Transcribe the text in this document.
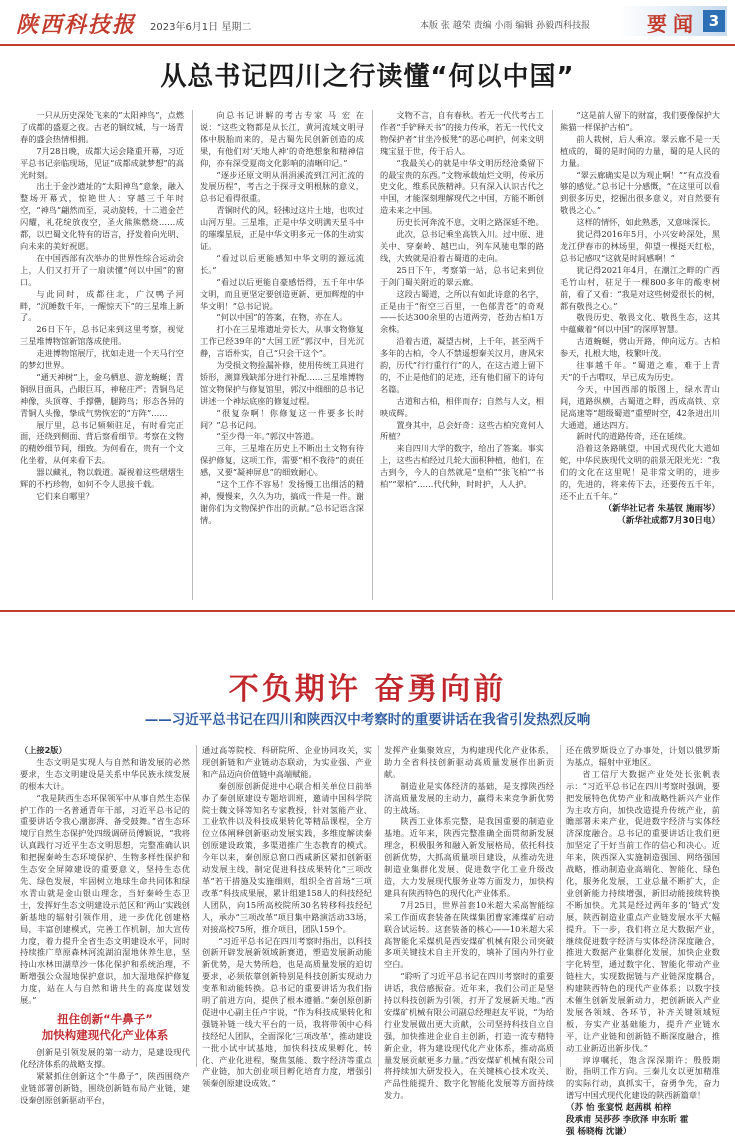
陕西科技报 2023年6月1日 星期二	本版 张 越荣 责编 小雨 编辑 孙毅西科技报	要闻 3
从总书记四川之行读懂“何以中国”

一只从历史深处飞来的“太阳神鸟”，点燃了成都的盛夏之夜。古老的铜纹城，与一场青春的盛会热情相拥。

7月28日晚，成都大运会隆重开幕，习近平总书记亲临现场，见证“成都成就梦想”的高光时刻。

出土于金沙遗址的“太阳神鸟”意象，融入整场开幕式，惊艳世人：穿越三千年时空，“神鸟”翩然而至，灵动旋转，十二道金芒闪耀，礼花绽放夜空，圣火熊熊燃烧……成都，以巴蜀文化特有的语言，抒发着向光明、向未来的美好祝愿。

在中国西部有次举办的世界性综合运动会上，人们又打开了一扇读懂“何以中国”的窗口。

与此同时，成都往北，广汉鸭子河畔，“沉睡数千年，一醒惊天下”的三星堆上新了。

26日下午，总书记来到这里考察，视觉三星堆博物馆新馆落成使用。

走进博物馆展厅，扰如走进一个天马行空的梦幻世界。

“通天神树”上，金乌栖息、游龙蜿蜒；青铜纵目面具，凸眼巨耳，神秘庄严；青铜鸟足神像，头顶尊、手撑罍，腿跨鸟；形态各异的青铜人头像，挚成气势恢宏的“方阵”……

展厅里，总书记频频驻足，有时看完正面，还绕到侧面、背后察看细节。考察在文物的精妙细节间，细致。为何看在，贵有一个文化坐着，从何来看下去。

器以藏礼，物以载道。凝视着这些熠熠生辉的不朽珍物，如何不令人思接千载。

它们来自哪里？

向总书记讲解的考古专家 马 宏 在说：“这些文物都是从长江，黄河流域文明寻体中脱胎而来的，是古蜀先民创新创造的成果，有他们对‘天地人神’的奇绝想象和精神信仰，亦有深受夏商文化影响的清晰印记。”

“逐步还原文明从涓涓溪流到江河汇流的发展历程”，考古之于探寻文明根脉的意义，总书记看得很重。

青铜时代的风，轻拂过这片土地，也吹过山河万里。三星堆，正是中华文明满天星斗中的璀璨星辰，正是中华文明多元一体的生动实证。

“看过以后更能感知中华文明的源远流长。”

“看过以后更能自豪感悟得，五千年中华文明，而且更坚定要创造更新、更加辉煌的中华文明！”总书记说。

“何以中国”的答案，在物，亦在人。

打小在三星堆遗址旁长大，从事文物修复工作已经39年的“大国工匠”郭汉中，目光沉静，言语朴实，自己“只会干这个”。

为受损文物捡漏补修，使用传统工具进行矫形，测算残缺部分进行补配……三星堆博物馆文物保护与修复馆里，郭汉中细细的总书记讲述一个神坛底座的修复过程。

“很复杂啊！你修复这一件要多长时间？”总书记问。

“至少得一年。”郭汉中答道。

三年，三星堆在历史上不断出土文物有待保护修复，这项工作，需要“相不我待”的责任感，又要“凝神屏息”的细致耐心。

“这个工作不容易！发扬慢工出细活的精神，慢慢来，久久为功，搞成一件是一件。谢谢你们为文物保护作出的贡献。”总书记语含深情。

文物不言，自有春秋。若无一代代考古工作者“手铲释天书”的接力传承，若无一代代文物保护者“甘坐冷板凳”的恶心呵护，何来文明瑰宝显于世，传于后人。

“我最关心的就是中华文明历经沧桑留下的最宝贵的东西。”文物承载灿烂文明，传承历史文化，维系民族精神。只有深入认识古代之中国，才能深刻理解现代之中国，方能不断创造未来之中国。

历史长河奔流不息，文明之路深延不绝。

此次，总书记乘坐高铁入川。过中原、进关中、穿秦岭、越巴山，列车风驰电掣的路线，大致就是沿着古蜀道的走向。

25日下午，考察第一站，总书记来到位于剑门蜀关附近的翠云廊。

这段古蜀道，之所以有如此诗意的名字，正是由于“衔空三百里，一色郁青苍”的奇观——长达300余里的古道两旁，苍劲古柏1万余株。

沿着古道，凝望古树，上千年，甚至两千多年的古柏，令人不禁遥想秦关汉月，唐风宋韵，历代“行行重行行”的人，在这古道上留下的，不止是他们的足迹，还有他们留下的诗句名篇。

古道和古柏，相伴而存；自然与人文，相映成辉。

置身其中，总会好奇：这些古柏究竟何人所植？

来自四川大学的数字，给出了答案。事实上，这些古柏经过几轮大面积种植，他们，在古到今，今人的自然就是“皇柏”“张飞柏”“书柏”“翠柏”……代代种，时时护，人人护。

“这是前人留下的财富，我们要像保护大熊猫一样保护古柏”。

前人栽树，后人乘凉。翠云廊不是一天植成的，蜀的是时间的力量，蜀的是人民的力量。

“翠云廊确实是以为观止啊！”“有点没看够的感觉。”总书记十分感慨，“在这里可以看到很多历史，挖掘出很多意义，对自然要有敬畏之心。”

这样的情怀，如此熟悉，又意味深长。

犹记得2016年5月，小兴安岭深处，黑龙江伊春市的林场里，仰望一棵挺天红松，总书记感叹“这就是时间感啊！”

犹记得2021年4月，在潮江之畔的广西毛竹山村，驻足于一棵800多年的酸枣树前，看了又看：“我是对这些树爱很长的树，都有敬畏之心。”

敬畏历史、敬畏文化、敬畏生态，这其中蕴藏着“何以中国”的深厚智慧。

古道蜿蜒，劈山开路，伸向远方。古柏参天，扎根大地，枝繁叶茂。

往事越千年。“蜀道之难，难于上青天”的千古喟叹，早已成为历史。

今天，中国西部的版图上，绿水青山间，道路纵横，古蜀道之畔，西成高铁、京昆高速等“超级蜀道”重塑时空，42条进出川大通道，通达四方。

新时代的道路传奇，还在延续。

沿着这条路眺望，中国式现代化大道如蛇，中华民族现代文明的前景无限光光：“我们的文化在这里呢！是非常文明的，进步的，先进的，将来传下去，还要传五千年，还不止五千年。”

（新华社记者 朱基钗 施雨岑）

（新华社成都7月30日电）

不负期许 奋勇向前
——习近平总书记在四川和陕西汉中考察时的重要讲话在我省引发热烈反响

（上接2版）

生态文明是实现人与自然和谐发展的必然要求，生态文明建设是关系中华民族永续发展的根本大计。

“我是陕西生态环保领军中从事自然生态保护工作的一名普通青年干部，习近平总书记的重要讲话令我心潮澎湃、备受鼓舞。”省生态环境厅自然生态保护处四级调研员傅颖说，“我将认真践行习近平生态文明思想，完整准确认识和把握秦岭生态环境保护、生物多样性保护和生态安全屏障建设的重要意义，坚持生态优先、绿色发展，牢固树立地球生命共同体和绿水青山就是金山银山理念，当好秦岭生态卫士，发挥好生态文明建设示范区和‘两山’实践创新基地的辐射引领作用，进一步优化创建格局，丰富创建模式，完善工作机制，加大宣传力度，着力提升全省生态文明建设水平，同时持续推广草原森林河流湖泊湿地休养生息，坚持山水林田湖草沙一体化保护和系统治理，不断增强公众湿地保护意识，加大湿地保护修复力度，站在人与自然和谐共生的高度谋划发展。”

扭住创新“牛鼻子”
加快构建现代化产业体系

创新是引领发展的第一动力，是建设现代化经济体系的战略支撑。

紧紧抓住创新这个“牛鼻子”，陕西围绕产业链部署创新链，围绕创新链布局产业链，建设秦创原创新驱动平台，

通过高等院校、科研院所、企业协同攻关，实现创新链和产业链动态联动，为实业强、产业和产品迈向价值链中高端赋能。

秦创原创新促进中心联合相关单位日前举办了秦创原建设专题培训班，邀请中国科学院院士魏文铎等知名专家教授，针对氢能产业、工业软件以及科技成果转化等精品课程，全方位立体阐释创新驱动发展实践，多维度解读秦创原建设政策，多渠道推广生态教育的模式。今年以来，秦创原总窗口西咸新区紧扣创新驱动发展主线，制定促进科技成果转化“三项改革”若干措施及实施细则，组织全省首场“三项改革”科技成果展，累计组建158人的科技经纪人团队，向15所高校院所30名转移科技经纪人，承办“三项改革”项目集中路演活动33场，对接高校75所，推介项目，团队159个。

“习近平总书记在四川考察时指出，以科技创新开辟发展新领域新赛道，塑造发展新动能新优势，是大势所趋，也是高质量发展的迫切要求，必须依靠创新特别是科技创新实现动力变革和动能转换。总书记的重要讲话为我们指明了前进方向，提供了根本遵循。”秦创原创新促进中心副主任卢宇说，“作为科技成果转化和强链补链一线大平台的一员，我将带领中心科技经纪人团队，全面深化‘三项改革’，推动建设一批小试中试基地，加快科技成果孵化、转化、产业化进程，聚焦氢能、数字经济等重点产业链，加大创业项目孵化培育力度，增强引领秦创原建设成效。”

发挥产业集聚效应，为构建现代化产业体系，助力全省科技创新驱动高质量发展作出新贡献。

制造业是实体经济的基础，是支撑陕西经济高质量发展的主动力，赢得未来竞争新优势的主战场。

陕西工业体系完整，是我国重要的制造业基地。近年来，陕西完整准确全面贯彻新发展理念，积极服务和融入新发展格局，依托科技创新优势，大抓高质量项目建设，从推动先进制造业集群化发展、促进数字化工业升级改造，大力发展现代服务业等方面发力，加快构建具有陕西特色的现代化产业体系。

7月25日，世界首套10米超大采高智能综采工作面成套装备在陕煤集团曹家滩煤矿启动联合试运转。这套装备的核心——10米超大采高智能化采煤机是西安煤矿机械有限公司突破多项关键技术自主开发的，填补了国内外行业空白。

“聆听了习近平总书记在四川考察时的重要讲话，我倍感振奋。近年来，我们公司正是坚持以科技创新为引领，打开了发展新天地。”西安煤矿机械有限公司副总经理赵友平说，“为给行业发展做出更大贡献，公司坚持科技自立自强，加快推进企业自主创新，打造一流专精特新企业，将为建设现代化产业体系，推动高质量发展贡献更多力量。”西安煤矿机械有限公司将持续加大研发投入，在关键核心技术攻关、产品性能提升、数字化智能化发展等方面持续发力。

还在俄罗斯设立了办事处，计划以俄罗斯为基点，辐射中亚地区。

省工信厅大数据产业处处长张帆表示：“习近平总书记在四川考察时强调，要把发展特色优势产业和战略性新兴产业作为主攻方向，加快改造提升传统产业，前瞻部署未来产业，促进数字经济与实体经济深度融合。总书记的重要讲话让我们更加坚定了干好当前工作的信心和决心。近年来，陕西深入实施制造强国、网络强国战略，推动制造业高端化、智能化、绿色化，服务化发展，工业总量不断扩大，企业创新能力持续增强，新旧动能接续转换不断加快。尤其是经过两年多的‘链式’发展，陕西制造业重点产业链发展水平大幅提升。下一步，我们将立足大数据产业，继续促进数字经济与实体经济深度融合，推进大数据产业集群化发展，加快企业数字化转型，通过数字化、智能化带动产业链柱大，实现数据链与产业链深度耦合，构建陕西特色的现代产业体系；以数字技术催生创新发展新动力，把创新嵌入产业发展各领域、各环节，补齐关键领域短板，夯实产业基础能力，提升产业链水平，让产业链和创新链不断深度融合，推动工业新迈出新步伐。”

谆谆嘱托，饱含深深期许；殷殷期盼，指明工作方向。三秦儿女以更加精准的实际行动，真抓实干，奋勇争先，奋力谱写中国式现代化建设的陕西新篇章！

（苏 怡 张宴悦 赵茜棋 柏梓

段承甫 吴莎莎 李欣泽 申东昕 霍

强 杨晓梅 沈谦）
